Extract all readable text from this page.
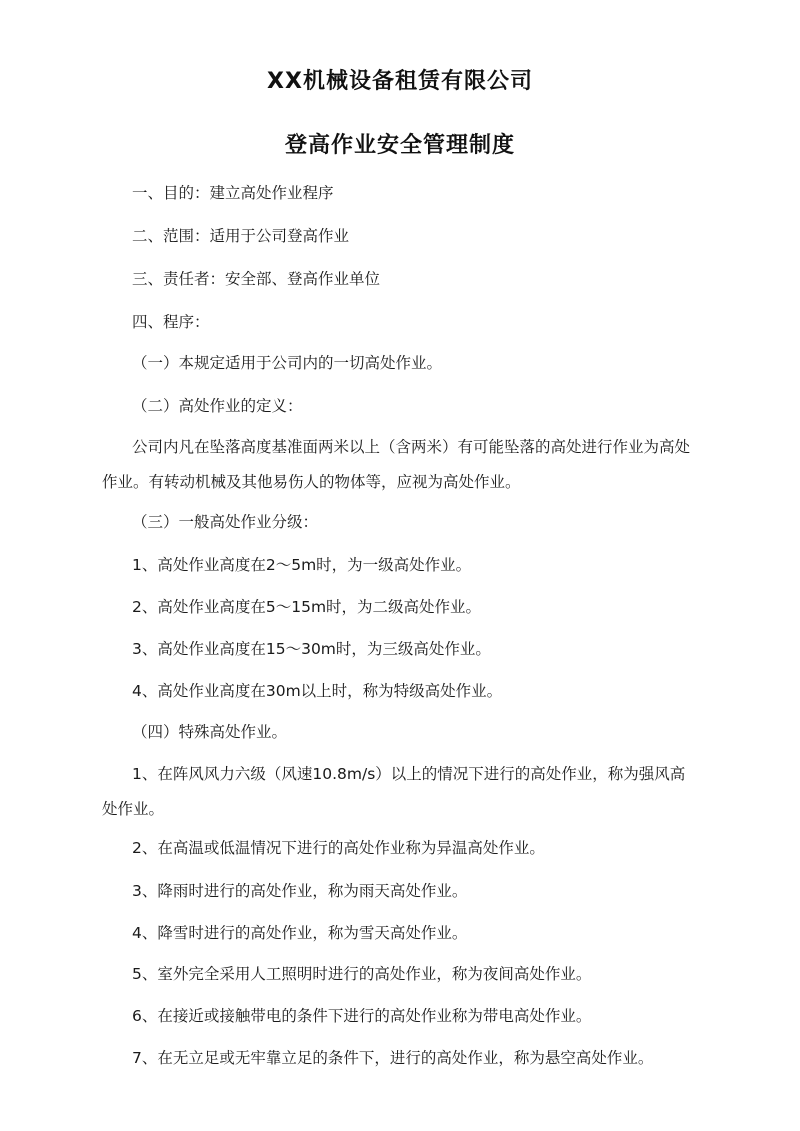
XX机械设备租赁有限公司
登高作业安全管理制度
一、目的：建立高处作业程序
二、范围：适用于公司登高作业
三、责任者：安全部、登高作业单位
四、程序：
（一）本规定适用于公司内的一切高处作业。
（二）高处作业的定义：
公司内凡在坠落高度基准面两米以上（含两米）有可能坠落的高处进行作业为高处作业。有转动机械及其他易伤人的物体等，应视为高处作业。
（三）一般高处作业分级：
1、高处作业高度在2～5m时，为一级高处作业。
2、高处作业高度在5～15m时，为二级高处作业。
3、高处作业高度在15～30m时，为三级高处作业。
4、高处作业高度在30m以上时，称为特级高处作业。
（四）特殊高处作业。
1、在阵风风力六级（风速10.8m/s）以上的情况下进行的高处作业，称为强风高处作业。
2、在高温或低温情况下进行的高处作业称为异温高处作业。
3、降雨时进行的高处作业，称为雨天高处作业。
4、降雪时进行的高处作业，称为雪天高处作业。
5、室外完全采用人工照明时进行的高处作业，称为夜间高处作业。
6、在接近或接触带电的条件下进行的高处作业称为带电高处作业。
7、在无立足或无牢靠立足的条件下，进行的高处作业，称为悬空高处作业。
